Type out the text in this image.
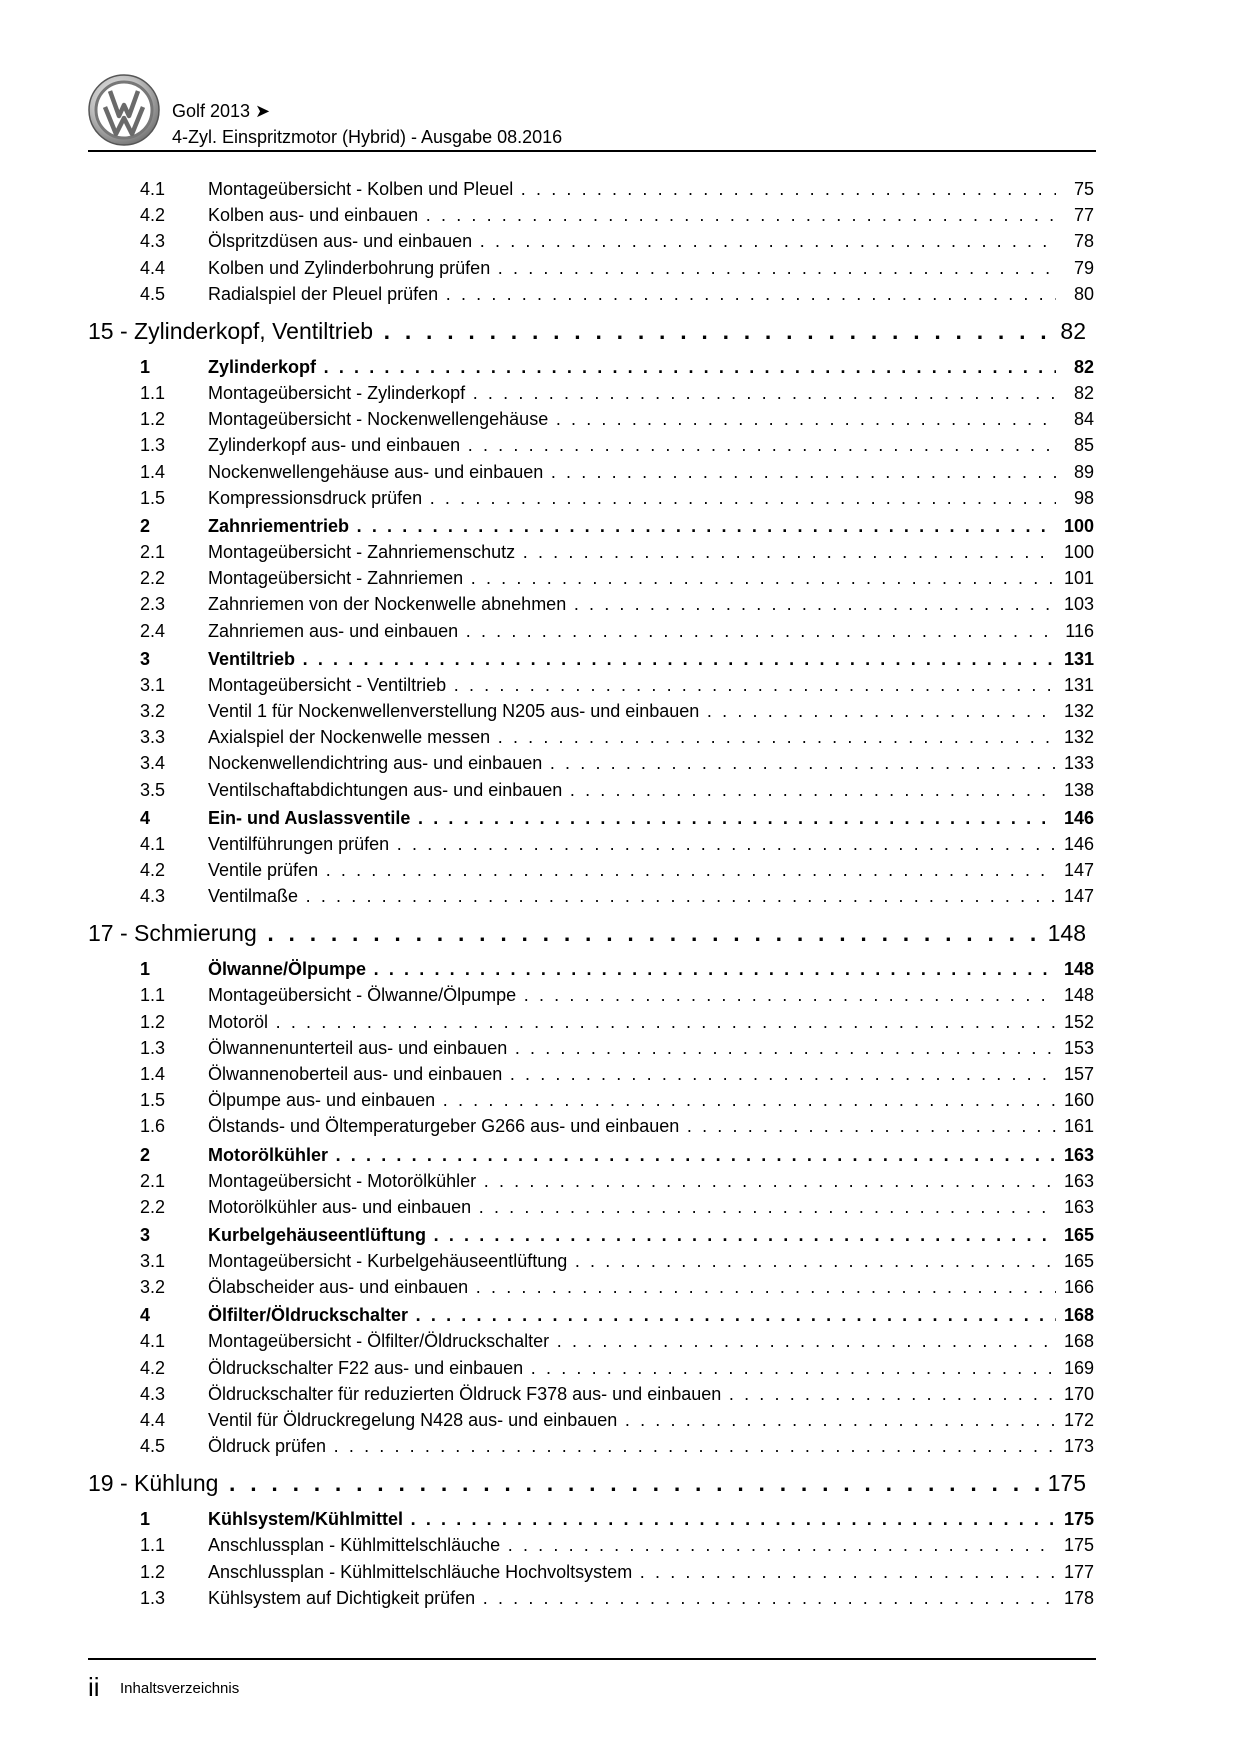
Golf 2013 ➤
4-Zyl. Einspritzmotor (Hybrid) - Ausgabe 08.2016
4.1 Montageübersicht - Kolben und Pleuel . . .	75
4.2 Kolben aus- und einbauen . . .	77
4.3 Ölspritzdüsen aus- und einbauen . . .	78
4.4 Kolben und Zylinderbohrung prüfen . . .	79
4.5 Radialspiel der Pleuel prüfen . . .	80
15 - Zylinderkopf, Ventiltrieb . . .	82
1	Zylinderkopf . . .	82
1.1 Montageübersicht - Zylinderkopf . . .	82
1.2 Montageübersicht - Nockenwellengehäuse . . .	84
1.3 Zylinderkopf aus- und einbauen . . .	85
1.4 Nockenwellengehäuse aus- und einbauen . . .	89
1.5 Kompressionsdruck prüfen . . .	98
2	Zahnriementrieb . . .	100
2.1 Montageübersicht - Zahnriemenschutz . . .	100
2.2 Montageübersicht - Zahnriemen . . .	101
2.3 Zahnriemen von der Nockenwelle abnehmen . . .	103
2.4 Zahnriemen aus- und einbauen . . .	116
3	Ventiltrieb . . .	131
3.1 Montageübersicht - Ventiltrieb . . .	131
3.2 Ventil 1 für Nockenwellenverstellung N205 aus- und einbauen . . .	132
3.3 Axialspiel der Nockenwelle messen . . .	132
3.4 Nockenwellendichtring aus- und einbauen . . .	133
3.5 Ventilschaftabdichtungen aus- und einbauen . . .	138
4	Ein- und Auslassventile . . .	146
4.1 Ventilführungen prüfen . . .	146
4.2 Ventile prüfen . . .	147
4.3 Ventilmaße . . .	147
17 - Schmierung . . .	148
1	Ölwanne/Ölpumpe . . .	148
1.1 Montageübersicht - Ölwanne/Ölpumpe . . .	148
1.2 Motoröl . . .	152
1.3 Ölwannenunterteil aus- und einbauen . . .	153
1.4 Ölwannenoberteil aus- und einbauen . . .	157
1.5 Ölpumpe aus- und einbauen . . .	160
1.6 Ölstands- und Öltemperaturgeber G266 aus- und einbauen . . .	161
2	Motorölkühler . . .	163
2.1 Montageübersicht - Motorölkühler . . .	163
2.2 Motorölkühler aus- und einbauen . . .	163
3	Kurbelgehäuseentlüftung . . .	165
3.1 Montageübersicht - Kurbelgehäuseentlüftung . . .	165
3.2 Ölabscheider aus- und einbauen . . .	166
4	Ölfilter/Öldruckschalter . . .	168
4.1 Montageübersicht - Ölfilter/Öldruckschalter . . .	168
4.2 Öldruckschalter F22 aus- und einbauen . . .	169
4.3 Öldruckschalter für reduzierten Öldruck F378 aus- und einbauen . . .	170
4.4 Ventil für Öldruckregelung N428 aus- und einbauen . . .	172
4.5 Öldruck prüfen . . .	173
19 - Kühlung . . .	175
1	Kühlsystem/Kühlmittel . . .	175
1.1 Anschlussplan - Kühlmittelschläuche . . .	175
1.2 Anschlussplan - Kühlmittelschläuche Hochvoltsystem . . .	177
1.3 Kühlsystem auf Dichtigkeit prüfen . . .	178
ii Inhaltsverzeichnis
